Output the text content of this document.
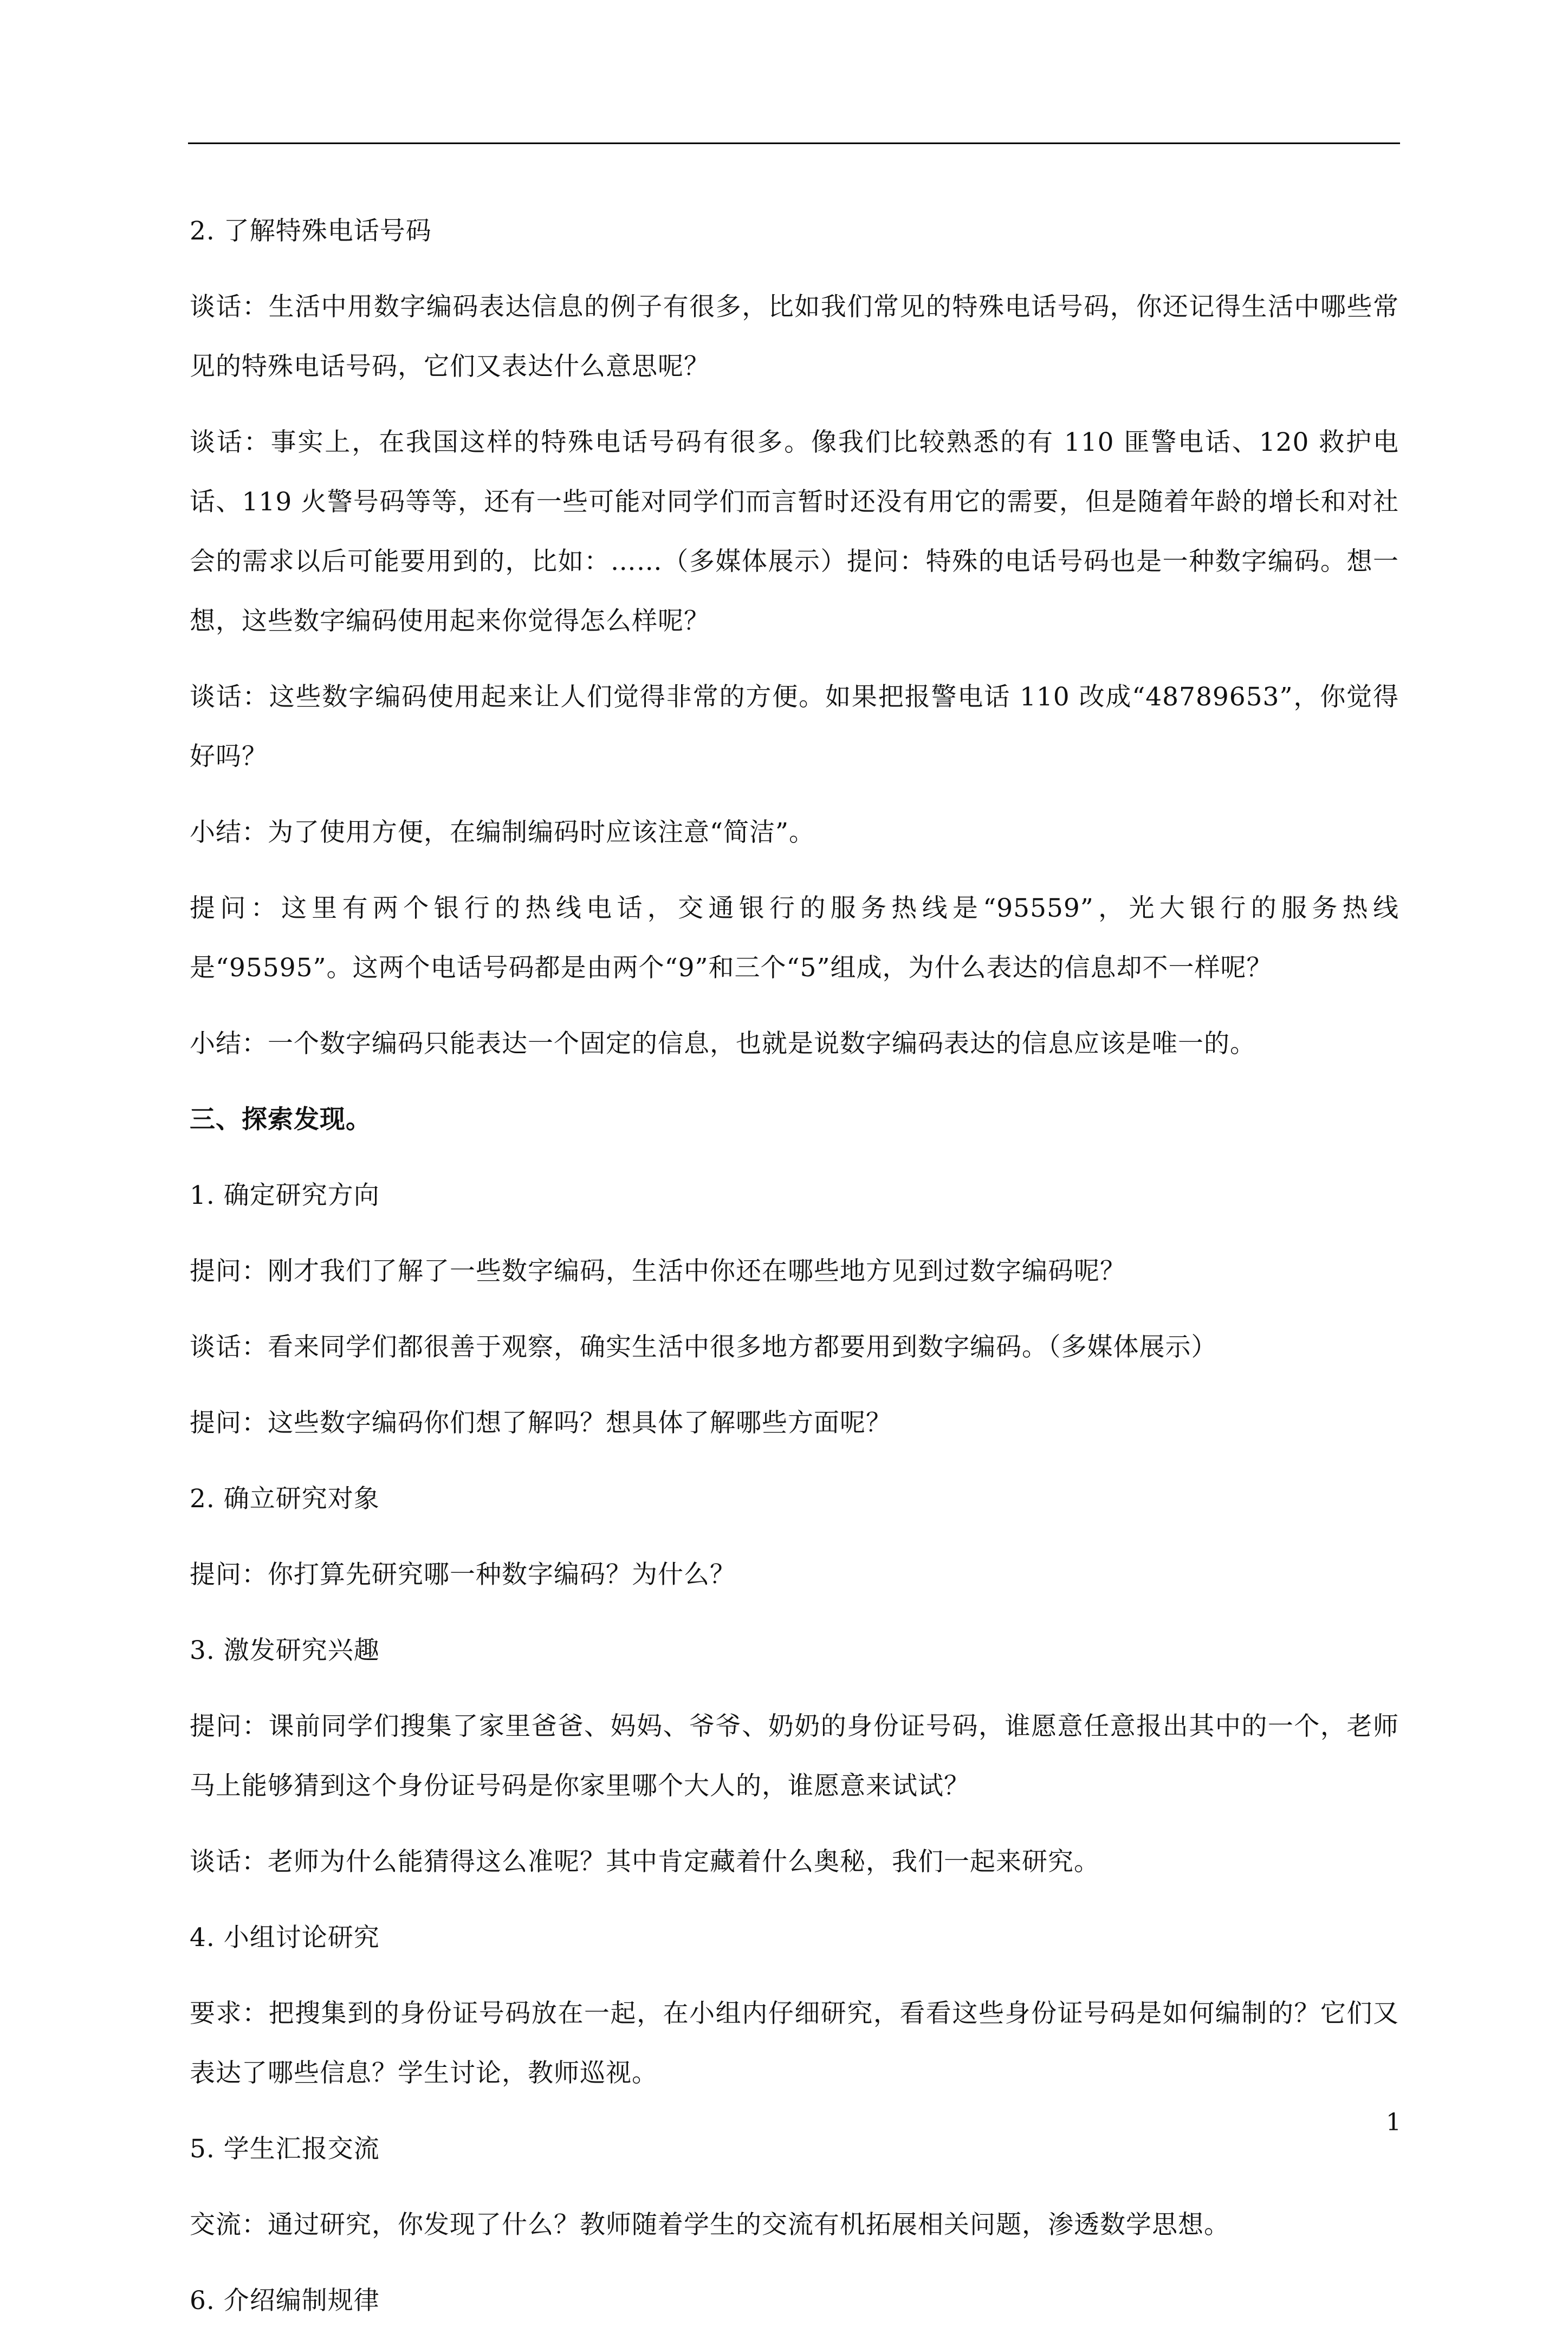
2. 了解特殊电话号码

谈话：生活中用数字编码表达信息的例子有很多，比如我们常见的特殊电话号码，你还记得生活中哪些常见的特殊电话号码，它们又表达什么意思呢？

谈话：事实上，在我国这样的特殊电话号码有很多。像我们比较熟悉的有 110 匪警电话、120 救护电话、119 火警号码等等，还有一些可能对同学们而言暂时还没有用它的需要，但是随着年龄的增长和对社会的需求以后可能要用到的，比如：……（多媒体展示）提问：特殊的电话号码也是一种数字编码。想一想，这些数字编码使用起来你觉得怎么样呢？

谈话：这些数字编码使用起来让人们觉得非常的方便。如果把报警电话 110 改成“48789653”，你觉得好吗？

小结：为了使用方便，在编制编码时应该注意“简洁”。

提问：这里有两个银行的热线电话，交通银行的服务热线是“95559”，光大银行的服务热线是“95595”。这两个电话号码都是由两个“9”和三个“5”组成，为什么表达的信息却不一样呢？

小结：一个数字编码只能表达一个固定的信息，也就是说数字编码表达的信息应该是唯一的。

三、探索发现。

1. 确定研究方向

提问：刚才我们了解了一些数字编码，生活中你还在哪些地方见到过数字编码呢？

谈话：看来同学们都很善于观察，确实生活中很多地方都要用到数字编码。（多媒体展示）

提问：这些数字编码你们想了解吗？想具体了解哪些方面呢？

2. 确立研究对象

提问：你打算先研究哪一种数字编码？为什么？

3. 激发研究兴趣

提问：课前同学们搜集了家里爸爸、妈妈、爷爷、奶奶的身份证号码，谁愿意任意报出其中的一个，老师马上能够猜到这个身份证号码是你家里哪个大人的，谁愿意来试试？

谈话：老师为什么能猜得这么准呢？其中肯定藏着什么奥秘，我们一起来研究。

4. 小组讨论研究

要求：把搜集到的身份证号码放在一起，在小组内仔细研究，看看这些身份证号码是如何编制的？它们又表达了哪些信息？学生讨论，教师巡视。

5. 学生汇报交流

交流：通过研究，你发现了什么？教师随着学生的交流有机拓展相关问题，渗透数学思想。

6. 介绍编制规律

1
